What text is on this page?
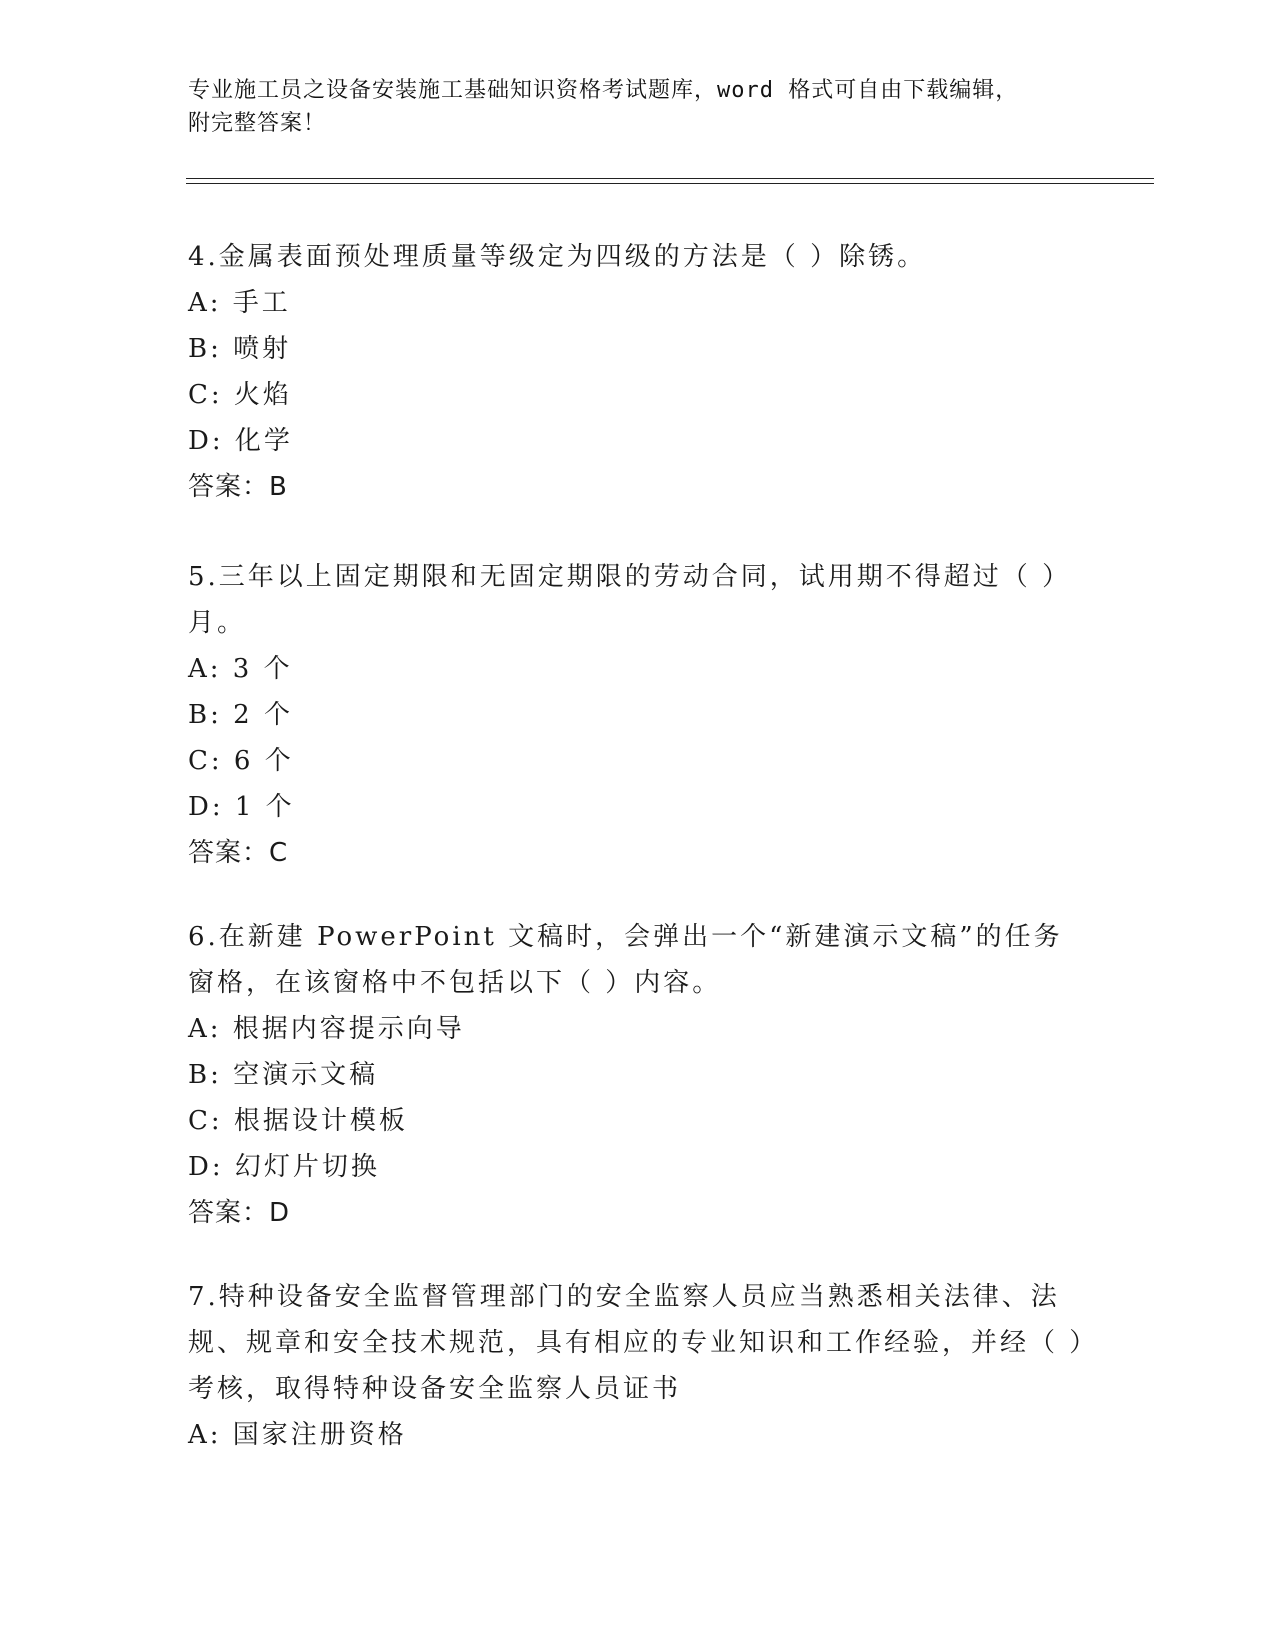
专业施工员之设备安装施工基础知识资格考试题库，word 格式可自由下载编辑，
附完整答案！

4.金属表面预处理质量等级定为四级的方法是（ ）除锈。

A: 手工
B: 喷射
C: 火焰
D: 化学
答案：B

5.三年以上固定期限和无固定期限的劳动合同，试用期不得超过（ ）月。

A: 3 个
B: 2 个
C: 6 个
D: 1 个
答案：C

6.在新建 PowerPoint 文稿时，会弹出一个“新建演示文稿”的任务窗格，在该窗格中不包括以下（ ）内容。

A: 根据内容提示向导
B: 空演示文稿
C: 根据设计模板
D: 幻灯片切换
答案：D

7.特种设备安全监督管理部门的安全监察人员应当熟悉相关法律、法规、规章和安全技术规范，具有相应的专业知识和工作经验，并经（ ）考核，取得特种设备安全监察人员证书

A: 国家注册资格
